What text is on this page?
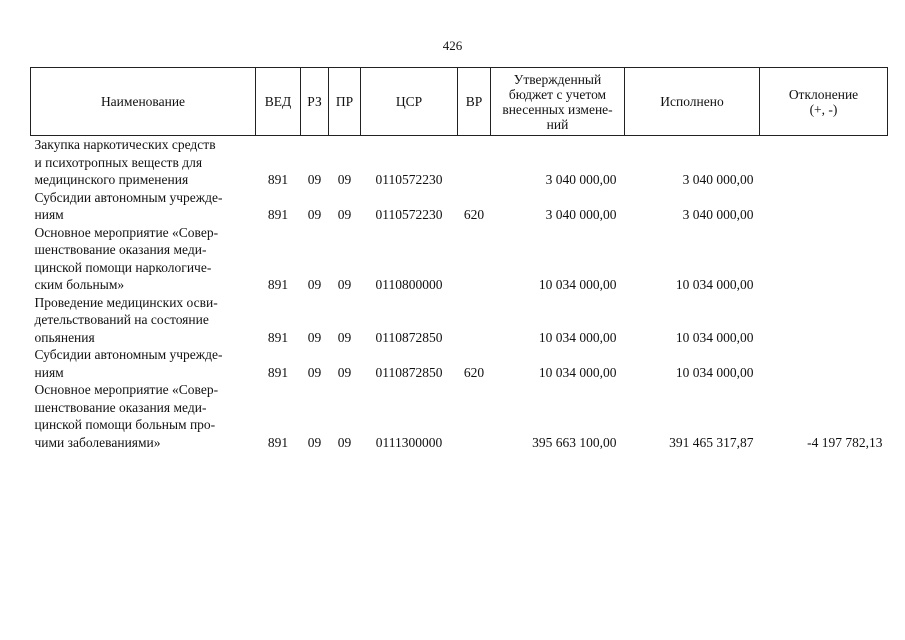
426
Наименование	ВЕД	РЗ	ПР	ЦСР	ВР	Утвержденный
бюджет с учетом
внесенных измене-
ний	Исполнено	Отклонение
(+, -)

Закупка наркотических средств
и психотропных веществ для
медицинского применения	891	09	09	0110572230		3 040 000,00	3 040 000,00	

Субсидии автономным учрежде-
ниям	891	09	09	0110572230	620	3 040 000,00	3 040 000,00	

Основное мероприятие «Совер-
шенствование оказания меди-
цинской помощи наркологиче-
ским больным»	891	09	09	0110800000		10 034 000,00	10 034 000,00	

Проведение медицинских осви-
детельствований на состояние
опьянения	891	09	09	0110872850		10 034 000,00	10 034 000,00	

Субсидии автономным учрежде-
ниям	891	09	09	0110872850	620	10 034 000,00	10 034 000,00	

Основное мероприятие «Совер-
шенствование оказания меди-
цинской помощи больным про-
чими заболеваниями»	891	09	09	0111300000		395 663 100,00	391 465 317,87	-4 197 782,13
